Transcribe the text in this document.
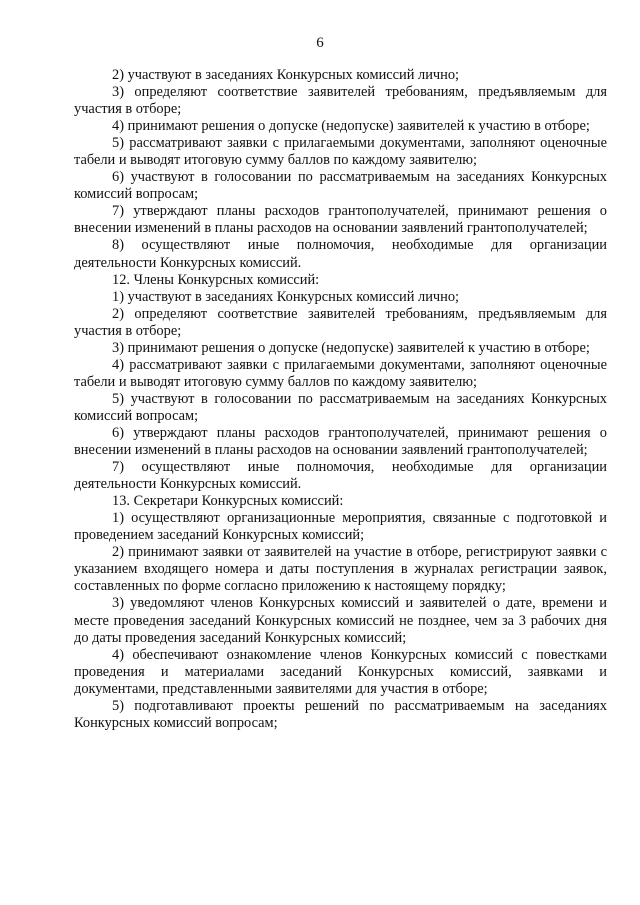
6

2) участвуют в заседаниях Конкурсных комиссий лично;

3) определяют соответствие заявителей требованиям, предъявляемым для участия в отборе;

4) принимают решения о допуске (недопуске) заявителей к участию в отборе;

5) рассматривают заявки с прилагаемыми документами, заполняют оценочные табели и выводят итоговую сумму баллов по каждому заявителю;

6) участвуют в голосовании по рассматриваемым на заседаниях Конкурсных комиссий вопросам;

7) утверждают планы расходов грантополучателей, принимают решения о внесении изменений в планы расходов на основании заявлений грантополучателей;

8) осуществляют иные полномочия, необходимые для организации деятельности Конкурсных комиссий.

12. Члены Конкурсных комиссий:

1) участвуют в заседаниях Конкурсных комиссий лично;

2) определяют соответствие заявителей требованиям, предъявляемым для участия в отборе;

3) принимают решения о допуске (недопуске) заявителей к участию в отборе;

4) рассматривают заявки с прилагаемыми документами, заполняют оценочные табели и выводят итоговую сумму баллов по каждому заявителю;

5) участвуют в голосовании по рассматриваемым на заседаниях Конкурсных комиссий вопросам;

6) утверждают планы расходов грантополучателей, принимают решения о внесении изменений в планы расходов на основании заявлений грантополучателей;

7) осуществляют иные полномочия, необходимые для организации деятельности Конкурсных комиссий.

13. Секретари Конкурсных комиссий:

1) осуществляют организационные мероприятия, связанные с подготовкой и проведением заседаний Конкурсных комиссий;

2) принимают заявки от заявителей на участие в отборе, регистрируют заявки с указанием входящего номера и даты поступления в журналах регистрации заявок, составленных по форме согласно приложению к настоящему порядку;

3) уведомляют членов Конкурсных комиссий и заявителей о дате, времени и месте проведения заседаний Конкурсных комиссий не позднее, чем за 3 рабочих дня до даты проведения заседаний Конкурсных комиссий;

4) обеспечивают ознакомление членов Конкурсных комиссий с повестками проведения и материалами заседаний Конкурсных комиссий, заявками и документами, представленными заявителями для участия в отборе;

5) подготавливают проекты решений по рассматриваемым на заседаниях Конкурсных комиссий вопросам;
